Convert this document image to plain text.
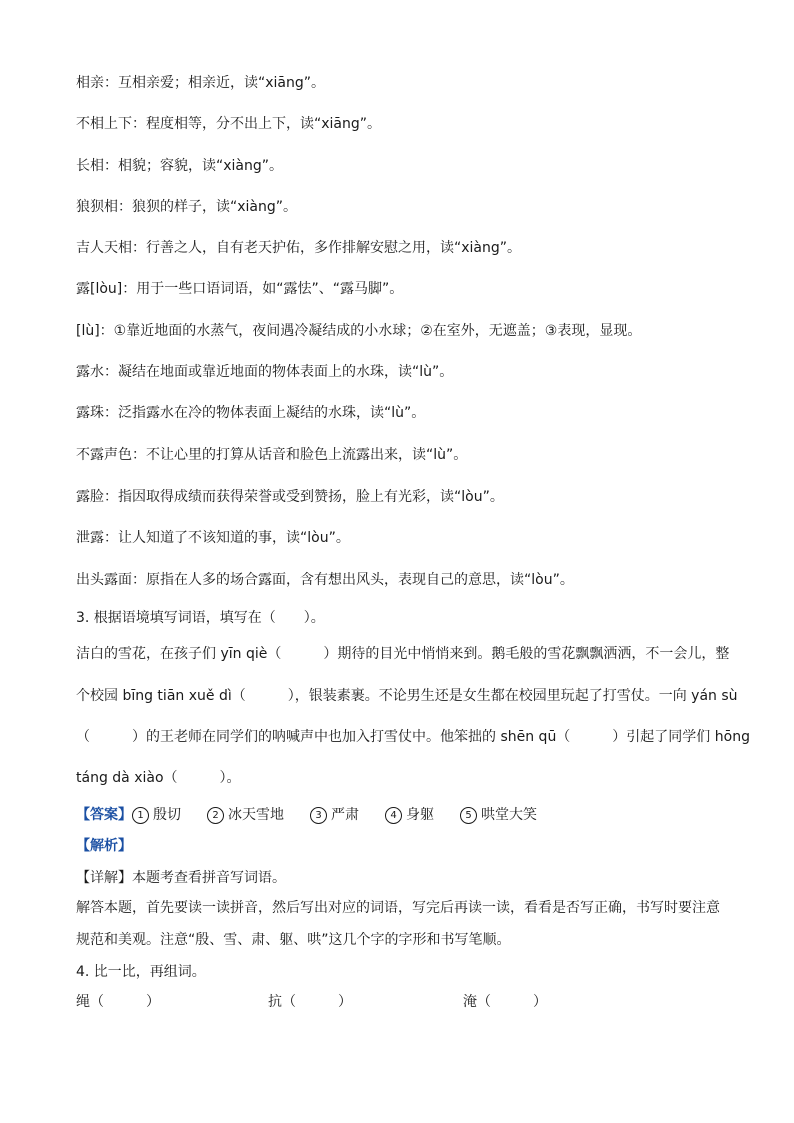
相亲：互相亲爱；相亲近，读“xiāng”。
不相上下：程度相等，分不出上下，读“xiāng”。
长相：相貌；容貌，读“xiàng”。
狼狈相：狼狈的样子，读“xiàng”。
吉人天相：行善之人，自有老天护佑，多作排解安慰之用，读“xiàng”。
露[lòu]：用于一些口语词语，如“露怯”、“露马脚”。
[lù]：①靠近地面的水蒸气，夜间遇冷凝结成的小水球；②在室外，无遮盖；③表现，显现。
露水：凝结在地面或靠近地面的物体表面上的水珠，读“lù”。
露珠：泛指露水在冷的物体表面上凝结的水珠，读“lù”。
不露声色：不让心里的打算从话音和脸色上流露出来，读“lù”。
露脸：指因取得成绩而获得荣誉或受到赞扬，脸上有光彩，读“lòu”。
泄露：让人知道了不该知道的事，读“lòu”。
出头露面：原指在人多的场合露面，含有想出风头，表现自己的意思，读“lòu”。
3. 根据语境填写词语，填写在（　　）。
洁白的雪花，在孩子们 yīn qiè（　　　）期待的目光中悄悄来到。鹅毛般的雪花飘飘洒洒，不一会儿，整
个校园 bīng tiān xuě dì（　　　），银装素裹。不论男生还是女生都在校园里玩起了打雪仗。一向 yán sù
（　　　）的王老师在同学们的呐喊声中也加入打雪仗中。他笨拙的 shēn qū（　　　）引起了同学们 hōng
táng dà xiào（　　　）。
【答案】 1 殷切	2 冰天雪地	3 严肃	4 身躯	5 哄堂大笑
【解析】
【详解】本题考查看拼音写词语。
解答本题，首先要读一读拼音，然后写出对应的词语，写完后再读一读，看看是否写正确，书写时要注意
规范和美观。注意“殷、雪、肃、躯、哄”这几个字的字形和书写笔顺。
4. 比一比，再组词。
绳（　　　）	抗（　　　）	淹（　　　）
